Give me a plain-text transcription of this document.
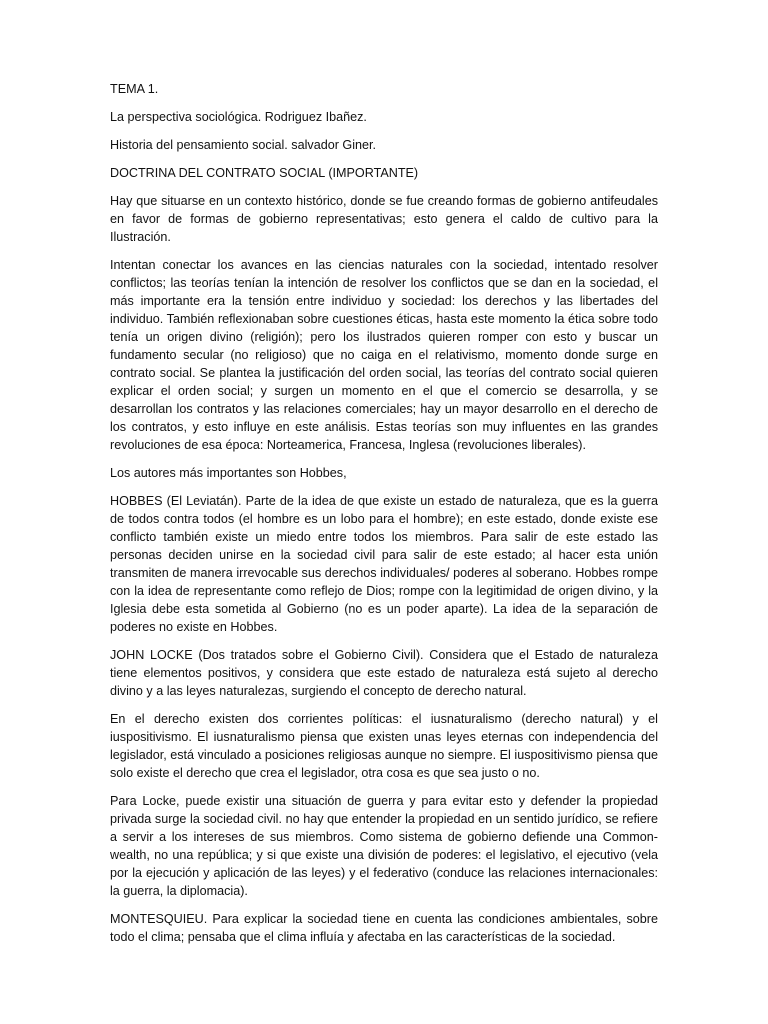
TEMA 1.

La perspectiva sociológica. Rodriguez Ibañez.

Historia del pensamiento social. salvador Giner.

DOCTRINA DEL CONTRATO SOCIAL (IMPORTANTE)

Hay que situarse en un contexto histórico, donde se fue creando formas de gobierno antifeudales en favor de formas de gobierno representativas; esto genera el caldo de cultivo para la Ilustración.

Intentan conectar los avances en las ciencias naturales con la sociedad, intentado resolver conflictos; las teorías tenían la intención de resolver los conflictos que se dan en la sociedad, el más importante era la tensión entre individuo y sociedad: los derechos y las libertades del individuo. También reflexionaban sobre cuestiones éticas, hasta este momento la ética sobre todo tenía un origen divino (religión); pero los ilustrados quieren romper con esto y buscar un fundamento secular (no religioso) que no caiga en el relativismo, momento donde surge en contrato social. Se plantea la justificación del orden social, las teorías del contrato social quieren explicar el orden social; y surgen un momento en el que el comercio se desarrolla, y se desarrollan los contratos y las relaciones comerciales; hay un mayor desarrollo en el derecho de los contratos, y esto influye en este análisis. Estas teorías son muy influentes en las grandes revoluciones de esa época: Norteamerica, Francesa, Inglesa (revoluciones liberales).

Los autores más importantes son Hobbes,

HOBBES (El Leviatán). Parte de la idea de que existe un estado de naturaleza, que es la guerra de todos contra todos (el hombre es un lobo para el hombre); en este estado, donde existe ese conflicto también existe un miedo entre todos los miembros. Para salir de este estado las personas deciden unirse en la sociedad civil para salir de este estado; al hacer esta unión transmiten de manera irrevocable sus derechos individuales/ poderes al soberano. Hobbes rompe con la idea de representante como reflejo de Dios; rompe con la legitimidad de origen divino, y la Iglesia debe esta sometida al Gobierno (no es un poder aparte). La idea de la separación de poderes no existe en Hobbes.

JOHN LOCKE (Dos tratados sobre el Gobierno Civil). Considera que el Estado de naturaleza tiene elementos positivos, y considera que este estado de naturaleza está sujeto al derecho divino y a las leyes naturalezas, surgiendo el concepto de derecho natural.

En el derecho existen dos corrientes políticas: el iusnaturalismo (derecho natural) y el iuspositivismo. El iusnaturalismo piensa que existen unas leyes eternas con independencia del legislador, está vinculado a posiciones religiosas aunque no siempre. El iuspositivismo piensa que solo existe el derecho que crea el legislador, otra cosa es que sea justo o no.

Para Locke, puede existir una situación de guerra y para evitar esto y defender la propiedad privada surge la sociedad civil. no hay que entender la propiedad en un sentido jurídico, se refiere a servir a los intereses de sus miembros. Como sistema de gobierno defiende una Common-wealth, no una república; y si que existe una división de poderes: el legislativo, el ejecutivo (vela por la ejecución y aplicación de las leyes) y el federativo (conduce las relaciones internacionales: la guerra, la diplomacia).

MONTESQUIEU. Para explicar la sociedad tiene en cuenta las condiciones ambientales, sobre todo el clima; pensaba que el clima influía y afectaba en las características de la sociedad.
